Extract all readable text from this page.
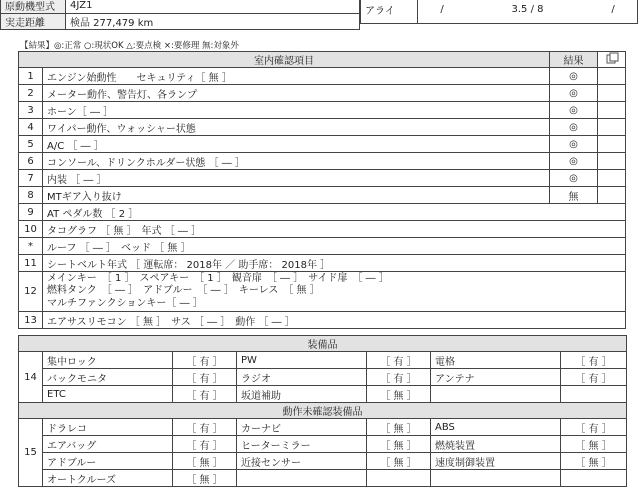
原動機型式	4JZ1
実走距離	検品 277,479 km
アライ	/	3.5 / 8	/
【結果】◎:正常 ○:現状OK △:要点検 ×:要修理 無:対象外
室内確認項目		結果	
1	エンジン始動性　　セキュリティ［ 無 ］	◎	
2	メーター動作、警告灯、各ランプ	◎	
3	ホーン［ ― ］	◎	
4	ワイパー動作、ウォッシャー状態	◎	
5	A/C ［ ― ］	◎	
6	コンソール、ドリンクホルダー状態 ［ ― ］	◎	
7	内装 ［ ― ］	◎	
8	MTギア入り抜け	無	
9	AT ペダル数 ［ 2 ］		
10	タコグラフ ［ 無 ］　年式 ［ ― ］		
*	ルーフ ［ ― ］　ベッド ［ 無 ］		
11	シートベルト年式 ［ 運転席： 2018年 ／ 助手席： 2018年 ］		
12	メインキー　［ 1 ］　スペアキー　［ 1 ］　観音扉　［ ― ］　サイド扉　［ ― ］
燃料タンク　［ ― ］　アドブルー　［ ― ］　キーレス　［ 無 ］
マルチファンクションキー［ ― ］		

13	エアサスリモコン ［ 無 ］　サス ［ ― ］　動作 ［ ― ］		
装備品						
14	集中ロック	［ 有 ］	PW	［ 有 ］	電格	［ 有 ］
	バックモニタ	［ 有 ］	ラジオ	［ 有 ］	アンテナ	［ 有 ］
	ETC	［ 有 ］	坂道補助	［ 無 ］		
動作未確認装備品						
15	ドラレコ	［ 有 ］	カーナビ	［ 無 ］	ABS	［ 有 ］
	エアバッグ	［ 有 ］	ヒーターミラー	［ 無 ］	燃焼装置	［ 無 ］
	アドブルー	［ 無 ］	近接センサー	［ 無 ］	速度制御装置	［ 無 ］
	オートクルーズ	［ 無 ］				
